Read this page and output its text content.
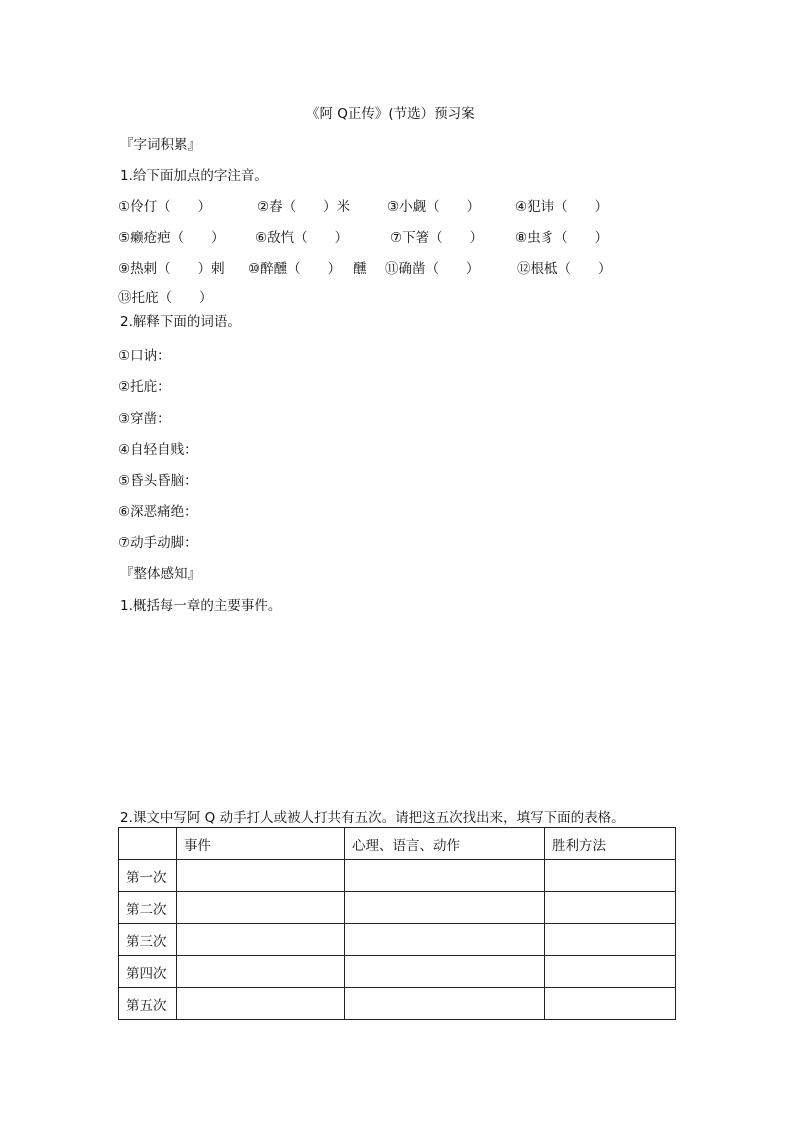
《阿 Q正传》(节选）预习案
『字词积累』
1.给下面加点的字注音。
①伶仃（　　）	②舂（　　）米	③小觑（　　）	④犯讳（　　）
⑤癞疮疤（　　） ⑥敌忾（　　）	⑦下箸（　　） ⑧虫豸（　　）
⑨热剌（　　）剌 ⑩醉醺（　　） 醺 ⑪确凿（　　）	⑫根柢（　　）
⑬托庇（　　）
2.解释下面的词语。
①口讷：
②托庇：
③穿凿：
④自轻自贱：
⑤昏头昏脑：
⑥深恶痛绝：
⑦动手动脚：
『整体感知』
1.概括每一章的主要事件。
2.课文中写阿 Q 动手打人或被人打共有五次。请把这五次找出来，填写下面的表格。
	事件	心理、语言、动作	胜利方法
第一次			
第二次			
第三次			
第四次			
第五次			
